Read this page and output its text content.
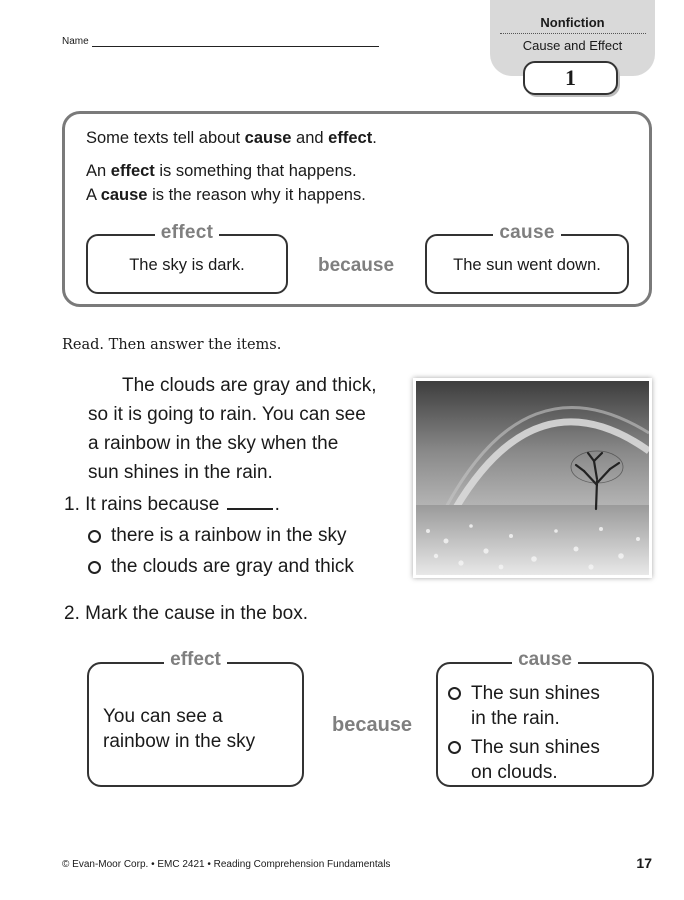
Name
Nonfiction
Cause and Effect
1
Some texts tell about cause and effect.
An effect is something that happens.
A cause is the reason why it happens.
effect
The sky is dark.	because
cause
The sun went down.
Read. Then answer the items.
The clouds are gray and thick,
so it is going to rain. You can see
a rainbow in the sky when the
sun shines in the rain.
1. It rains because	.
there is a rainbow in the sky
the clouds are gray and thick
2. Mark the cause in the box.
effect
You can see a
rainbow in the sky
because
cause
The sun shines
in the rain.
The sun shines
on clouds.
© Evan-Moor Corp. • EMC 2421 • Reading Comprehension Fundamentals	17
